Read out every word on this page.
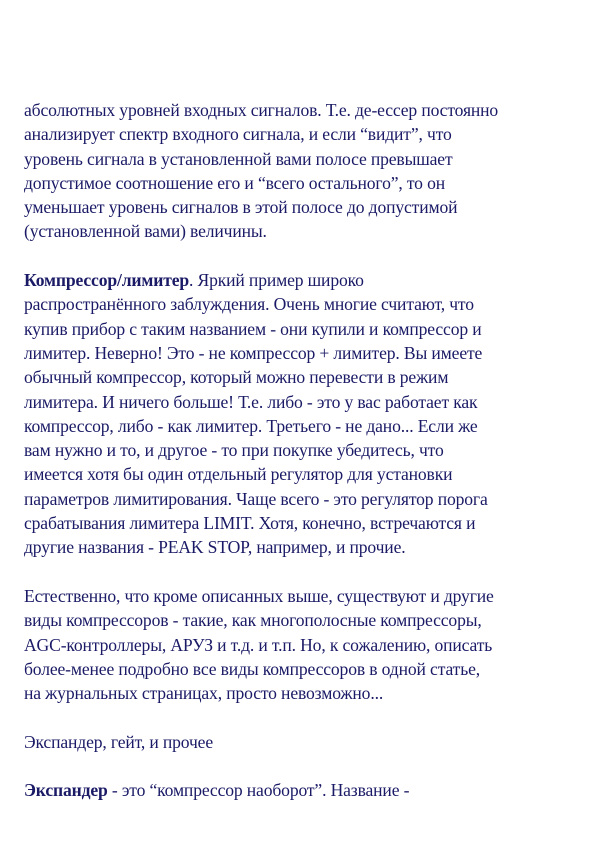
абсолютных уровней входных сигналов. Т.е. де-ессер постоянно
анализирует спектр входного сигнала, и если “видит”, что
уровень сигнала в установленной вами полосе превышает
допустимое соотношение его и “всего остального”, то он
уменьшает уровень сигналов в этой полосе до допустимой
(установленной вами) величины.
Компрессор/лимитер. Яркий пример широко
распространённого заблуждения. Очень многие считают, что
купив прибор с таким названием - они купили и компрессор и
лимитер. Неверно! Это - не компрессор + лимитер. Вы имеете
обычный компрессор, который можно перевести в режим
лимитера. И ничего больше! Т.е. либо - это у вас работает как
компрессор, либо - как лимитер. Третьего - не дано... Если же
вам нужно и то, и другое - то при покупке убедитесь, что
имеется хотя бы один отдельный регулятор для установки
параметров лимитирования. Чаще всего - это регулятор порога
срабатывания лимитера LIMIT. Хотя, конечно, встречаются и
другие названия - PEAK STOP, например, и прочие.
Естественно, что кроме описанных выше, существуют и другие
виды компрессоров - такие, как многополосные компрессоры,
AGC-контроллеры, АРУЗ и т.д. и т.п. Но, к сожалению, описать
более-менее подробно все виды компрессоров в одной статье,
на журнальных страницах, просто невозможно...
Экспандер, гейт, и прочее
Экспандер - это “компрессор наоборот”. Название -
